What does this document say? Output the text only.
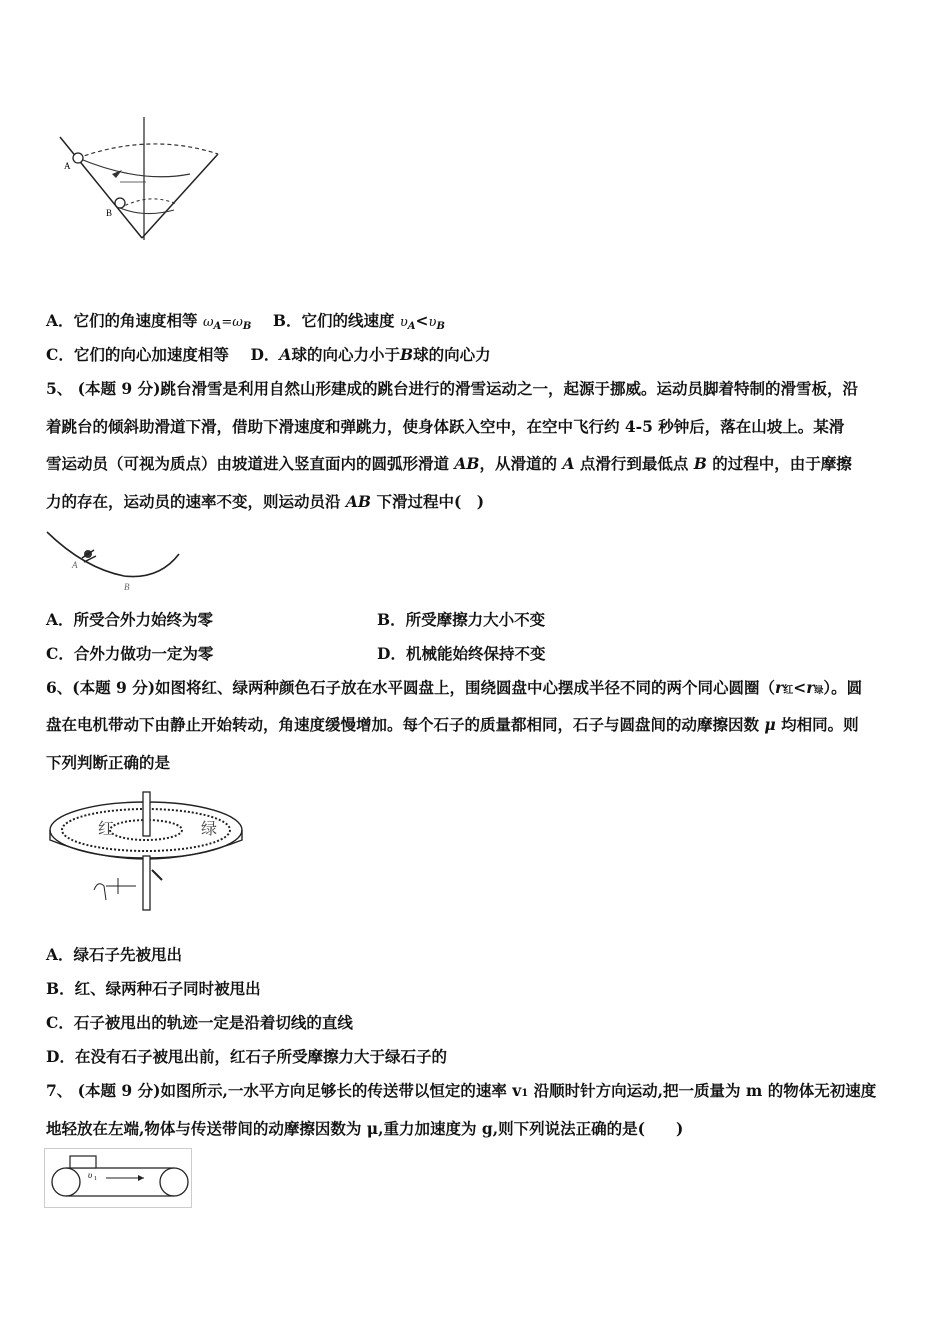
A
B
A．它们的角速度相等 $\omega_A=\omega_B$ B．它们的线速度 $\upsilon_A<\upsilon_B$
C．它们的向心加速度相等 D．A球的向心力小于B球的向心力
5、 (本题 9 分)跳台滑雪是利用自然山形建成的跳台进行的滑雪运动之一，起源于挪威。运动员脚着特制的滑雪板，沿
着跳台的倾斜助滑道下滑，借助下滑速度和弹跳力，使身体跃入空中，在空中飞行约 4-5 秒钟后，落在山坡上。某滑
雪运动员（可视为质点）由坡道进入竖直面内的圆弧形滑道 AB，从滑道的 A 点滑行到最低点 B 的过程中，由于摩擦
力的存在，运动员的速率不变，则运动员沿 AB 下滑过程中(　)
A
B
A．所受合外力始终为零	B．所受摩擦力大小不变
C．合外力做功一定为零	D．机械能始终保持不变
6、(本题 9 分)如图将红、绿两种颜色石子放在水平圆盘上，围绕圆盘中心摆成半径不同的两个同心圆圈（r红<r绿）。圆
盘在电机带动下由静止开始转动，角速度缓慢增加。每个石子的质量都相同，石子与圆盘间的动摩擦因数 μ 均相同。则
下列判断正确的是
红	绿
A．绿石子先被甩出
B．红、绿两种石子同时被甩出
C．石子被甩出的轨迹一定是沿着切线的直线
D．在没有石子被甩出前，红石子所受摩擦力大于绿石子的
7、 (本题 9 分)如图所示,一水平方向足够长的传送带以恒定的速率 v1 沿顺时针方向运动,把一质量为 m 的物体无初速度
地轻放在左端,物体与传送带间的动摩擦因数为 μ,重力加速度为 g,则下列说法正确的是(　　)
υ 1
